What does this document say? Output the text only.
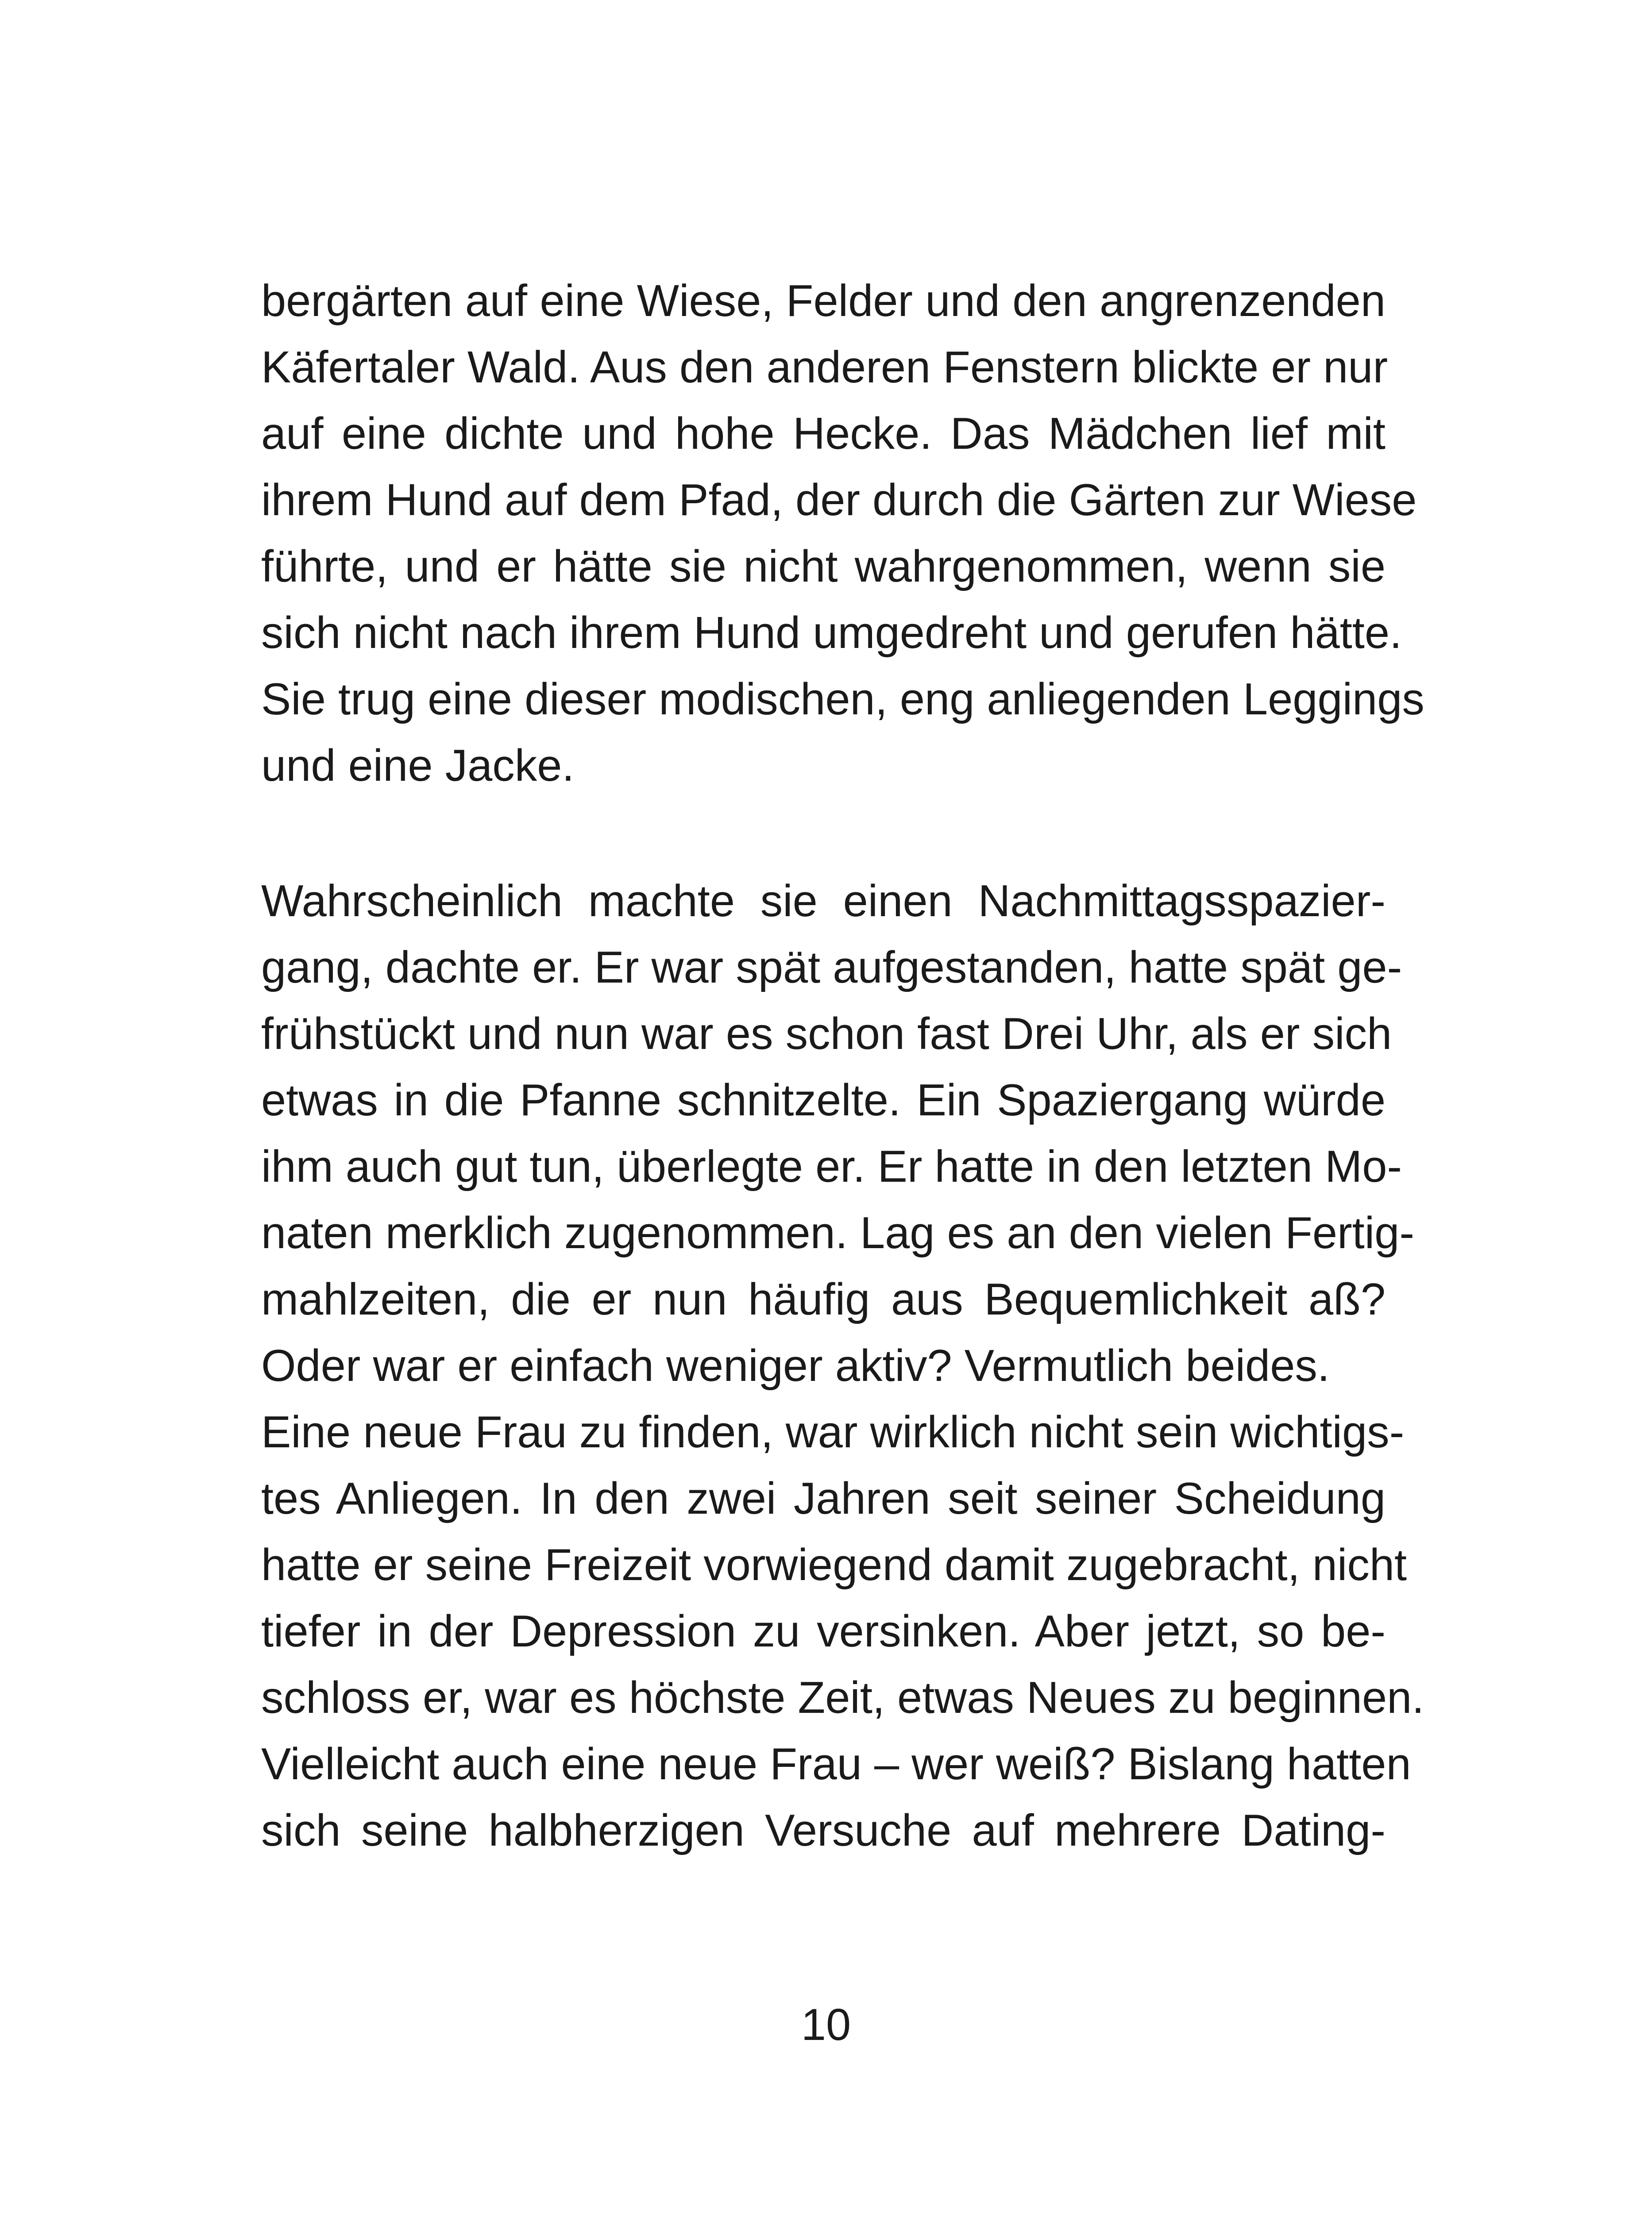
bergärten auf eine Wiese, Felder und den angrenzenden
Käfertaler Wald. Aus den anderen Fenstern blickte er nur
auf eine dichte und hohe Hecke. Das Mädchen lief mit
ihrem Hund auf dem Pfad, der durch die Gärten zur Wiese
führte, und er hätte sie nicht wahrgenommen, wenn sie
sich nicht nach ihrem Hund umgedreht und gerufen hätte.
Sie trug eine dieser modischen, eng anliegenden Leggings
und eine Jacke.
Wahrscheinlich machte sie einen Nachmittagsspazier-
gang, dachte er. Er war spät aufgestanden, hatte spät ge-
frühstückt und nun war es schon fast Drei Uhr, als er sich
etwas in die Pfanne schnitzelte. Ein Spaziergang würde
ihm auch gut tun, überlegte er. Er hatte in den letzten Mo-
naten merklich zugenommen. Lag es an den vielen Fertig-
mahlzeiten, die er nun häufig aus Bequemlichkeit aß?
Oder war er einfach weniger aktiv? Vermutlich beides.
Eine neue Frau zu finden, war wirklich nicht sein wichtigs-
tes Anliegen. In den zwei Jahren seit seiner Scheidung
hatte er seine Freizeit vorwiegend damit zugebracht, nicht
tiefer in der Depression zu versinken. Aber jetzt, so be-
schloss er, war es höchste Zeit, etwas Neues zu beginnen.
Vielleicht auch eine neue Frau – wer weiß? Bislang hatten
sich seine halbherzigen Versuche auf mehrere Dating-
10
